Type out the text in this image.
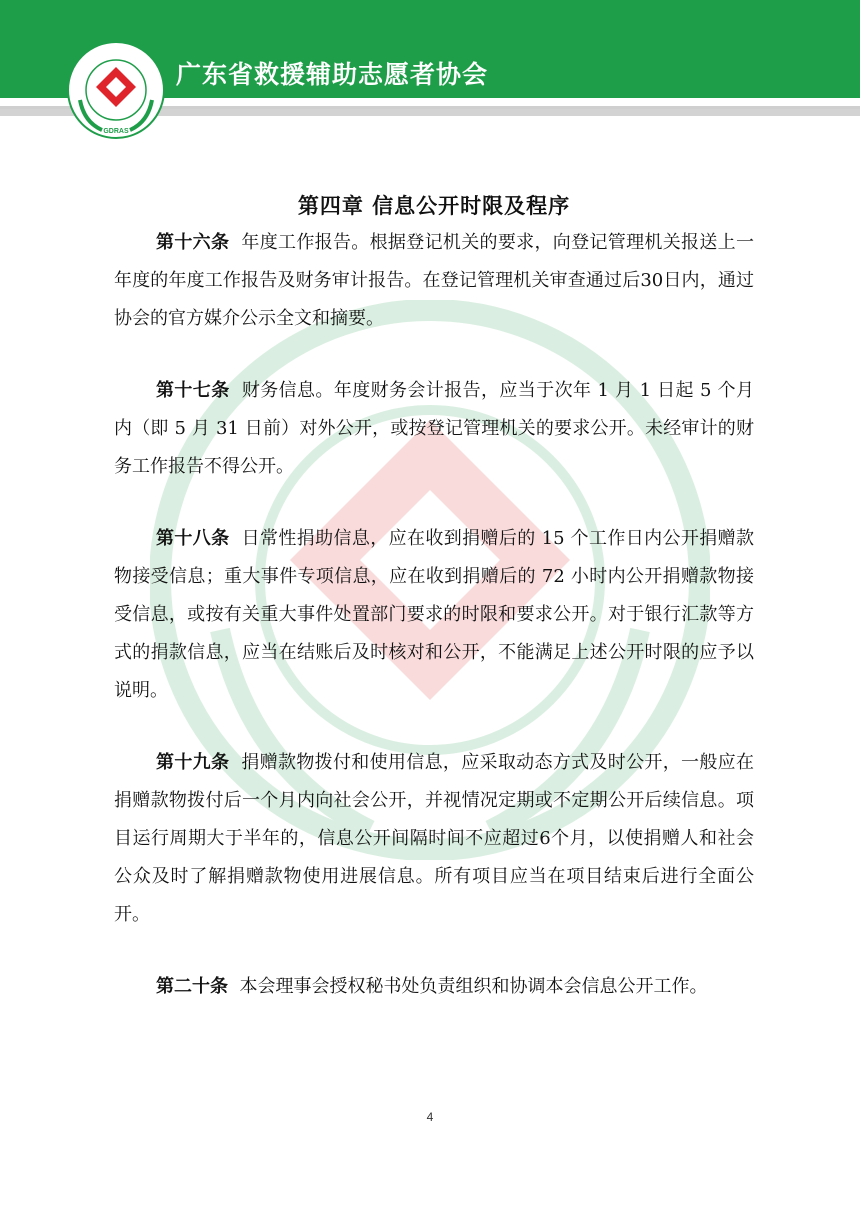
GDRAS
广东省救援辅助志愿者协会
第四章 信息公开时限及程序

第十六条 年度工作报告。根据登记机关的要求，向登记管理机关报送上一年度的年度工作报告及财务审计报告。在登记管理机关审查通过后30日内，通过协会的官方媒介公示全文和摘要。

第十七条 财务信息。年度财务会计报告，应当于次年 1 月 1 日起 5 个月内（即 5 月 31 日前）对外公开，或按登记管理机关的要求公开。未经审计的财务工作报告不得公开。

第十八条 日常性捐助信息，应在收到捐赠后的 15 个工作日内公开捐赠款物接受信息；重大事件专项信息，应在收到捐赠后的 72 小时内公开捐赠款物接受信息，或按有关重大事件处置部门要求的时限和要求公开。对于银行汇款等方式的捐款信息，应当在结账后及时核对和公开，不能满足上述公开时限的应予以说明。

第十九条 捐赠款物拨付和使用信息，应采取动态方式及时公开，一般应在捐赠款物拨付后一个月内向社会公开，并视情况定期或不定期公开后续信息。项目运行周期大于半年的，信息公开间隔时间不应超过6个月，以使捐赠人和社会公众及时了解捐赠款物使用进展信息。所有项目应当在项目结束后进行全面公开。

第二十条 本会理事会授权秘书处负责组织和协调本会信息公开工作。

4
